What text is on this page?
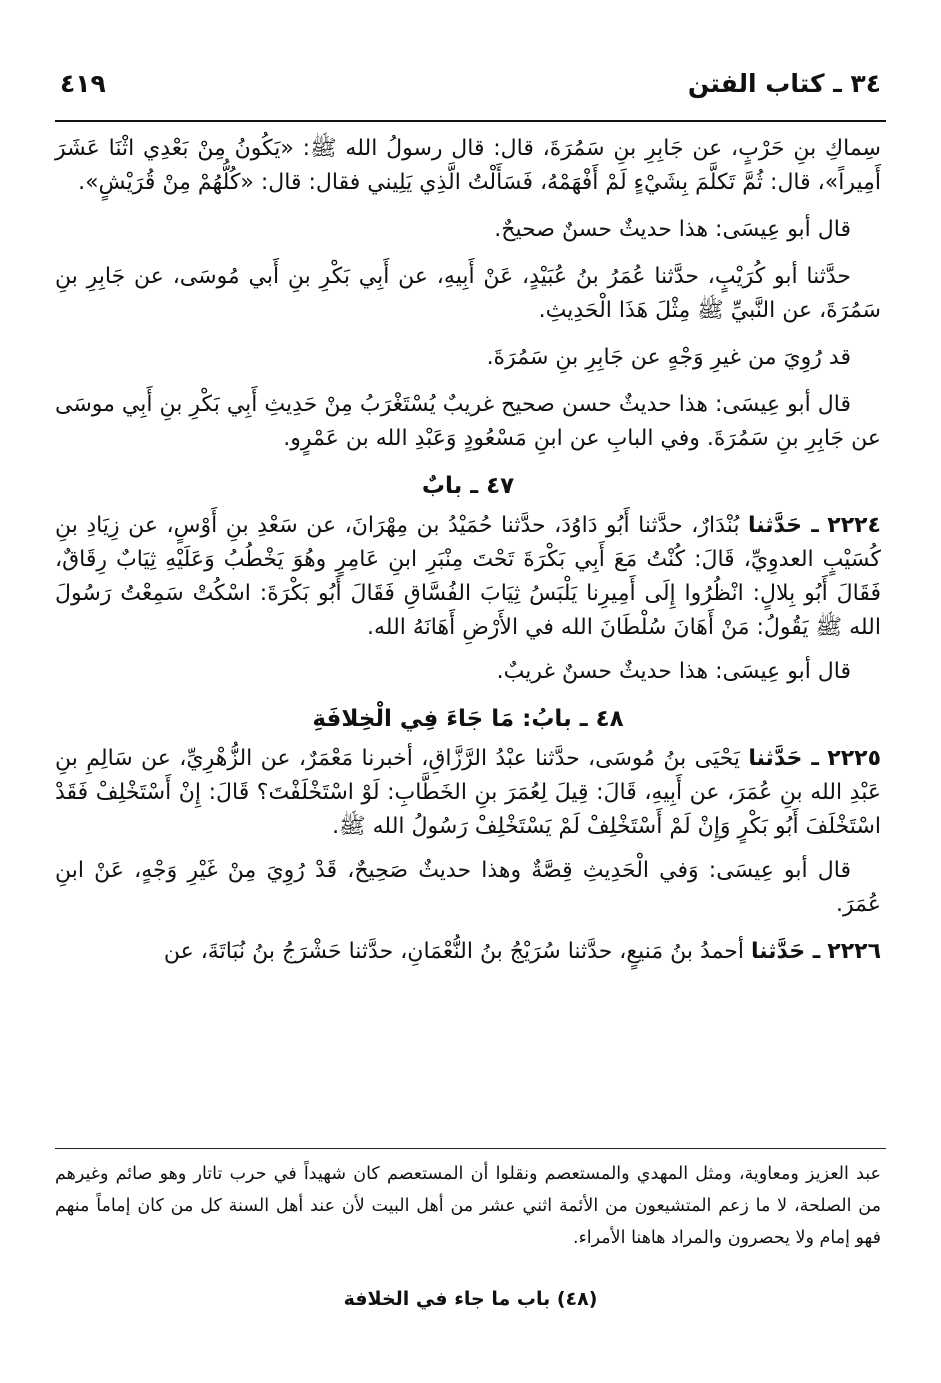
٣٤ ـ كتاب الفتن
٤١٩

سِماكِ بنِ حَرْبٍ، عن جَابِرِ بنِ سَمُرَةَ، قال: قال رسولُ الله ﷺ: «يَكُونُ مِنْ بَعْدِي اثْنَا عَشَرَ أَمِيراً»، قال: ثُمَّ تَكلَّمَ بِشَيْءٍ لَمْ أَفْهَمْهُ، فَسَأَلْتُ الَّذِي يَلِيني فقال: قال: «كُلُّهُمْ مِنْ قُرَيْشٍ».

قال أبو عِيسَى: هذا حديثٌ حسنٌ صحيحٌ.

حدَّثنا أبو كُرَيْبٍ، حدَّثنا عُمَرُ بنُ عُبَيْدٍ، عَنْ أَبِيهِ، عن أَبِي بَكْرِ بنِ أَبي مُوسَى، عن جَابِرِ بنِ سَمُرَةَ، عن النَّبيِّ ﷺ مِثْلَ هَذَا الْحَدِيثِ.

قد رُوِيَ من غيرِ وَجْهٍ عن جَابِرِ بنِ سَمُرَةَ.

قال أبو عِيسَى: هذا حديثٌ حسن صحيح غريبٌ يُسْتَغْرَبُ مِنْ حَدِيثِ أَبِي بَكْرِ بنِ أَبِي موسَى عن جَابِرِ بنِ سَمُرَةَ. وفي البابِ عن ابنِ مَسْعُودٍ وَعَبْدِ الله بن عَمْرٍو.

٤٧ ـ بابٌ

٢٢٢٤ ـ حَدَّثنا بُنْدَارٌ، حدَّثنا أَبُو دَاوُدَ، حدَّثنا حُمَيْدُ بن مِهْرَانَ، عن سَعْدِ بنِ أَوْسٍ، عن زِيَادِ بنِ كُسَيْبٍ العدوِيِّ، قَالَ: كُنْتُ مَعَ أَبِي بَكْرَةَ تَحْتَ مِنْبَرِ ابنِ عَامِرٍ وهُوَ يَخْطُبُ وَعَلَيْهِ ثِيَابٌ رِقَاقٌ، فَقَالَ أَبُو بِلالٍ: انْظُرُوا إِلَى أَمِيرِنا يَلْبَسُ ثِيَابَ الفُسَّاقِ فَقَالَ أَبُو بَكْرَةَ: اسْكُتْ سَمِعْتُ رَسُولَ الله ﷺ يَقُولُ: مَنْ أَهَانَ سُلْطَانَ الله في الأَرْضِ أَهَانَهُ الله.

قال أبو عِيسَى: هذا حديثٌ حسنٌ غريبٌ.

٤٨ ـ بابُ: مَا جَاءَ فِي الْخِلافَةِ

٢٢٢٥ ـ حَدَّثنا يَحْيَى بنُ مُوسَى، حدَّثنا عبْدُ الرَّزَّاقِ، أخبرنا مَعْمَرٌ، عن الزُّهْرِيِّ، عن سَالِمِ بنِ عَبْدِ الله بنِ عُمَرَ، عن أَبِيهِ، قَالَ: قِيلَ لِعُمَرَ بنِ الخَطَّابِ: لَوْ اسْتَخْلَفْتَ؟ قَالَ: إِنْ أَسْتَخْلِفْ فَقَدْ اسْتَخْلَفَ أَبُو بَكْرٍ وَإِنْ لَمْ أَسْتَخْلِفْ لَمْ يَسْتَخْلِفْ رَسُولُ الله ﷺ.

قال أبو عِيسَى: وَفي الْحَدِيثِ قِصَّةٌ وهذا حديثٌ صَحِيحٌ، قَدْ رُوِيَ مِنْ غَيْرِ وَجْهٍ، عَنْ ابنِ عُمَرَ.

٢٢٢٦ ـ حَدَّثنا أحمدُ بنُ مَنيعٍ، حدَّثنا سُرَيْجُ بنُ النُّعْمَانِ، حدَّثنا حَشْرَجُ بنُ نُبَاتَةَ، عن

عبد العزيز ومعاوية، ومثل المهدي والمستعصم ونقلوا أن المستعصم كان شهيداً في حرب تاتار وهو صائم وغيرهم من الصلحة، لا ما زعم المتشيعون من الأئمة اثني عشر من أهل البيت لأن عند أهل السنة كل من كان إماماً منهم فهو إمام ولا يحصرون والمراد هاهنا الأمراء.

(٤٨) باب ما جاء في الخلافة
